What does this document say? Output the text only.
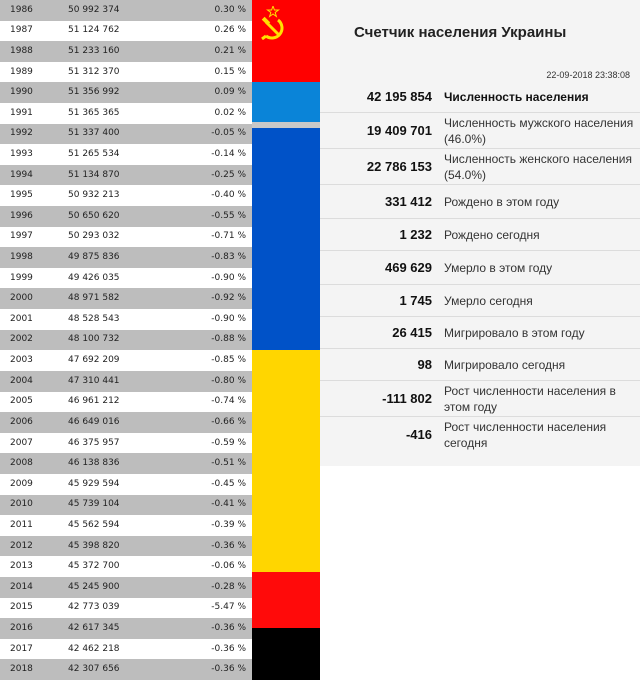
1986	50 992 374	0.30 %
1987	51 124 762	0.26 %
1988	51 233 160	0.21 %
1989	51 312 370	0.15 %
1990	51 356 992	0.09 %
1991	51 365 365	0.02 %
1992	51 337 400	-0.05 %
1993	51 265 534	-0.14 %
1994	51 134 870	-0.25 %
1995	50 932 213	-0.40 %
1996	50 650 620	-0.55 %
1997	50 293 032	-0.71 %
1998	49 875 836	-0.83 %
1999	49 426 035	-0.90 %
2000	48 971 582	-0.92 %
2001	48 528 543	-0.90 %
2002	48 100 732	-0.88 %
2003	47 692 209	-0.85 %
2004	47 310 441	-0.80 %
2005	46 961 212	-0.74 %
2006	46 649 016	-0.66 %
2007	46 375 957	-0.59 %
2008	46 138 836	-0.51 %
2009	45 929 594	-0.45 %
2010	45 739 104	-0.41 %
2011	45 562 594	-0.39 %
2012	45 398 820	-0.36 %
2013	45 372 700	-0.06 %
2014	45 245 900	-0.28 %
2015	42 773 039	-5.47 %
2016	42 617 345	-0.36 %
2017	42 462 218	-0.36 %
2018	42 307 656	-0.36 %
Счетчик населения Украины
22-09-2018 23:38:08
42 195 854 Численность населения
19 409 701 Численность мужского населения (46.0%)
22 786 153 Численность женского населения (54.0%)
331 412 Рождено в этом году
1 232 Рождено сегодня
469 629 Умерло в этом году
1 745 Умерло сегодня
26 415 Мигрировало в этом году
98 Мигрировало сегодня
-111 802 Рост численности населения в этом году
-416 Рост численности населения сегодня
